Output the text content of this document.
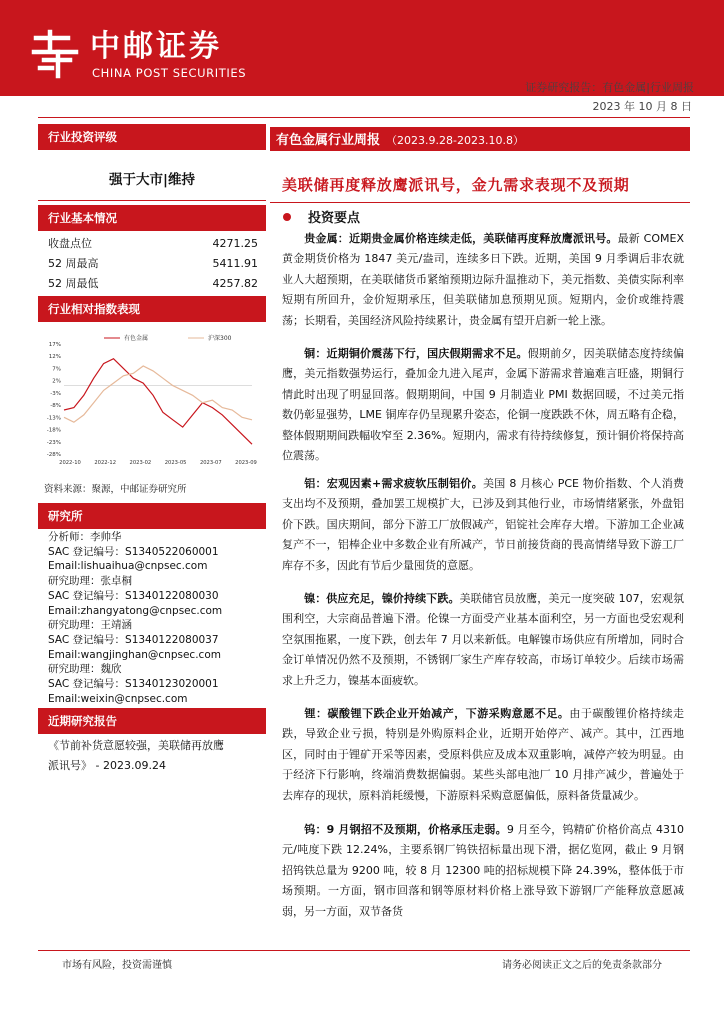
中邮证券
CHINA POST SECURITIES
证券研究报告：有色金属|行业周报
2023 年 10 月 8 日
行业投资评级
强于大市|维持
行业基本情况
收盘点位	4271.25
52 周最高	5411.91
52 周最低	4257.82
行业相对指数表现
17%
12%
7%
2%
-3%
-8%
-13%
-18%
-23%
-28%
2022-10	2022-12	2023-02	2023-05	2023-07	2023-09
有色金属	沪深300
资料来源：聚源，中邮证券研究所
研究所
分析师：李帅华
SAC 登记编号：S1340522060001
Email:lishuaihua@cnpsec.com
研究助理：张卓桐
SAC 登记编号：S1340122080030
Email:zhangyatong@cnpsec.com
研究助理：王靖涵
SAC 登记编号：S1340122080037
Email:wangjinghan@cnpsec.com
研究助理：魏欣
SAC 登记编号：S1340123020001
Email:weixin@cnpsec.com
近期研究报告
《节前补货意愿较强，美联储再放鹰
派讯号》 - 2023.09.24
有色金属行业周报 （2023.9.28-2023.10.8）
美联储再度释放鹰派讯号，金九需求表现不及预期
投资要点
贵金属：近期贵金属价格连续走低，美联储再度释放鹰派讯号。最新 COMEX 黄金期货价格为 1847 美元/盎司，连续多日下跌。近期，美国 9 月季调后非农就业人大超预期，在美联储货币紧缩预期边际升温推动下，美元指数、美债实际利率短期有所回升，金价短期承压，但美联储加息预期见顶。短期内，金价或维持震荡；长期看，美国经济风险持续累计，贵金属有望开启新一轮上涨。
铜：近期铜价震荡下行，国庆假期需求不足。假期前夕，因美联储态度持续偏鹰，美元指数强势运行，叠加金九进入尾声，金属下游需求普遍难言旺盛，期铜行情此时出现了明显回落。假期期间，中国 9 月制造业 PMI 数据回暖，不过美元指数仍彰显强势，LME 铜库存仍呈现累升姿态，伦铜一度跌跌不休，周五略有企稳，整体假期期间跌幅收窄至 2.36%。短期内，需求有待持续修复，预计铜价将保持高位震荡。
铝：宏观因素+需求疲软压制铝价。美国 8 月核心 PCE 物价指数、个人消费支出均不及预期，叠加罢工规模扩大，已涉及到其他行业，市场情绪紧张，外盘铝价下跌。国庆期间，部分下游工厂放假减产，铝锭社会库存大增。下游加工企业减复产不一，铝棒企业中多数企业有所减产，节日前接货商的畏高情绪导致下游工厂库存不多，因此有节后少量囤货的意愿。
镍：供应充足，镍价持续下跌。美联储官员放鹰，美元一度突破 107，宏观氛围利空，大宗商品普遍下滑。伦镍一方面受产业基本面利空，另一方面也受宏观利空氛围拖累，一度下跌，创去年 7 月以来新低。电解镍市场供应有所增加，同时合金订单情况仍然不及预期，不锈钢厂家生产库存较高，市场订单较少。后续市场需求上升乏力，镍基本面疲软。
锂：碳酸锂下跌企业开始减产，下游采购意愿不足。由于碳酸锂价格持续走跌，导致企业亏损，特别是外购原料企业，近期开始停产、减产。其中，江西地区，同时由于锂矿开采等因素，受原料供应及成本双重影响，减停产较为明显。由于经济下行影响，终端消费数据偏弱。某些头部电池厂 10 月排产减少，普遍处于去库存的现状，原料消耗缓慢，下游原料采购意愿偏低，原料备货量减少。
钨：9 月钢招不及预期，价格承压走弱。9 月至今，钨精矿价格价高点 4310 元/吨度下跌 12.24%，主要系钢厂钨铁招标量出现下滑，据亿览网，截止 9 月钢招钨铁总量为 9200 吨，较 8 月 12300 吨的招标规模下降 24.39%，整体低于市场预期。一方面，钢市回落和钢等原材料价格上涨导致下游钢厂产能释放意愿减弱，另一方面，双节备货
市场有风险，投资需谨慎	请务必阅读正文之后的免责条款部分
